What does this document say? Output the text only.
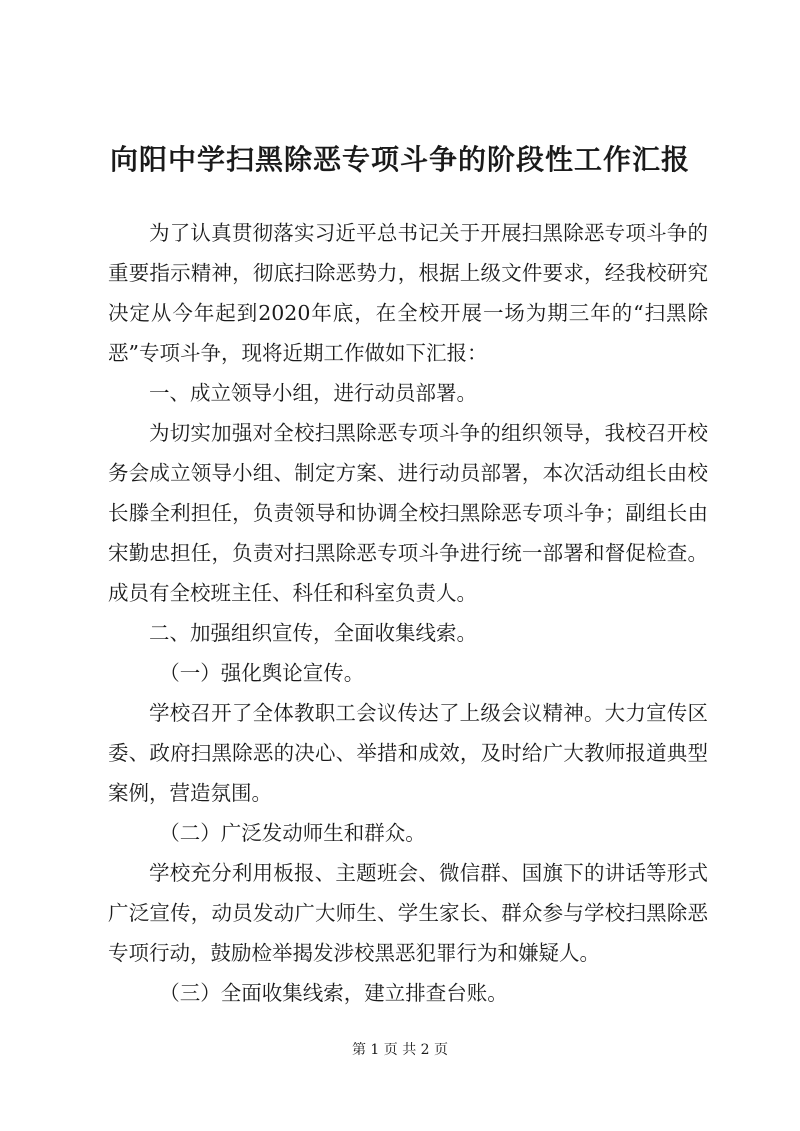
向阳中学扫黑除恶专项斗争的阶段性工作汇报

为了认真贯彻落实习近平总书记关于开展扫黑除恶专项斗争的重要指示精神，彻底扫除恶势力，根据上级文件要求，经我校研究决定从今年起到2020年底，在全校开展一场为期三年的“扫黑除恶”专项斗争，现将近期工作做如下汇报：

一、成立领导小组，进行动员部署。

为切实加强对全校扫黑除恶专项斗争的组织领导，我校召开校务会成立领导小组、制定方案、进行动员部署，本次活动组长由校长滕全利担任，负责领导和协调全校扫黑除恶专项斗争；副组长由宋勤忠担任，负责对扫黑除恶专项斗争进行统一部署和督促检查。成员有全校班主任、科任和科室负责人。

二、加强组织宣传，全面收集线索。

（一）强化舆论宣传。

学校召开了全体教职工会议传达了上级会议精神。大力宣传区委、政府扫黑除恶的决心、举措和成效，及时给广大教师报道典型案例，营造氛围。

（二）广泛发动师生和群众。

学校充分利用板报、主题班会、微信群、国旗下的讲话等形式广泛宣传，动员发动广大师生、学生家长、群众参与学校扫黑除恶专项行动，鼓励检举揭发涉校黑恶犯罪行为和嫌疑人。

（三）全面收集线索，建立排查台账。

第 1 页 共 2 页
